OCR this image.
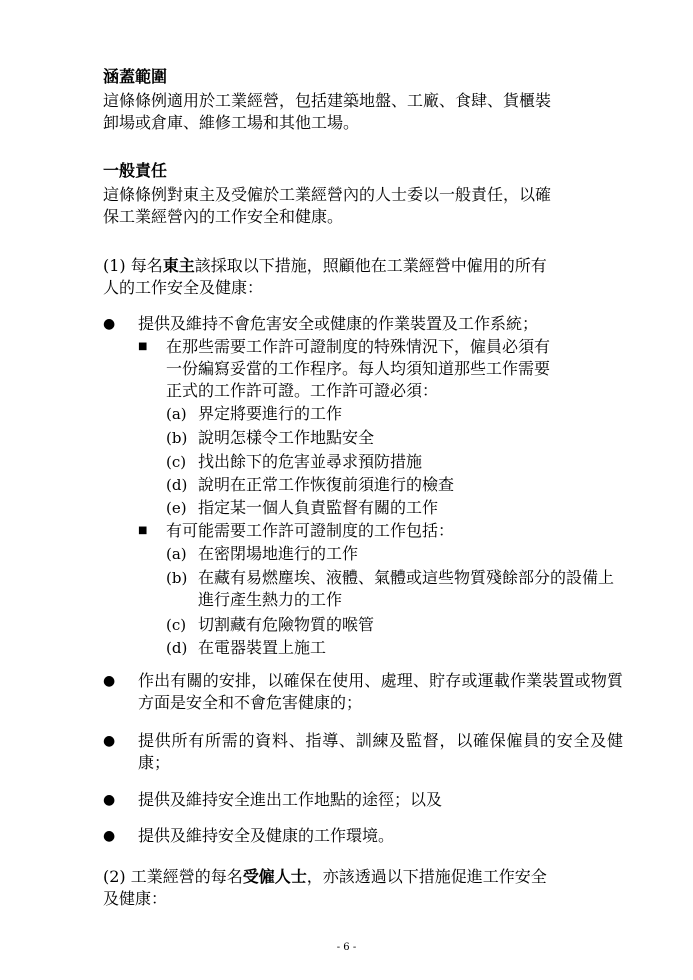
涵蓋範圍
這條條例適用於工業經營，包括建築地盤、工廠、食肆、貨櫃裝
卸場或倉庫、維修工場和其他工場。
一般責任
這條條例對東主及受僱於工業經營內的人士委以一般責任，以確
保工業經營內的工作安全和健康。
(1) 每名東主該採取以下措施，照顧他在工業經營中僱用的所有
人的工作安全及健康：
●	提供及維持不會危害安全或健康的作業裝置及工作系統；
■ 在那些需要工作許可證制度的特殊情況下，僱員必須有
一份編寫妥當的工作程序。每人均須知道那些工作需要
正式的工作許可證。工作許可證必須：
(a) 界定將要進行的工作
(b) 說明怎樣令工作地點安全
(c) 找出餘下的危害並尋求預防措施
(d) 說明在正常工作恢復前須進行的檢查
(e) 指定某一個人負責監督有關的工作
■ 有可能需要工作許可證制度的工作包括：
(a) 在密閉場地進行的工作
(b) 在藏有易燃塵埃、液體、氣體或這些物質殘餘部分的設備上進行產生熱力的工作
(c) 切割藏有危險物質的喉管
(d) 在電器裝置上施工
●	作出有關的安排，以確保在使用、處理、貯存或運載作業裝置或物質方面是安全和不會危害健康的；
●	提供所有所需的資料、指導、訓練及監督，以確保僱員的安全及健康；
●	提供及維持安全進出工作地點的途徑；以及
●	提供及維持安全及健康的工作環境。
(2) 工業經營的每名受僱人士，亦該透過以下措施促進工作安全
及健康：
- 6 -
